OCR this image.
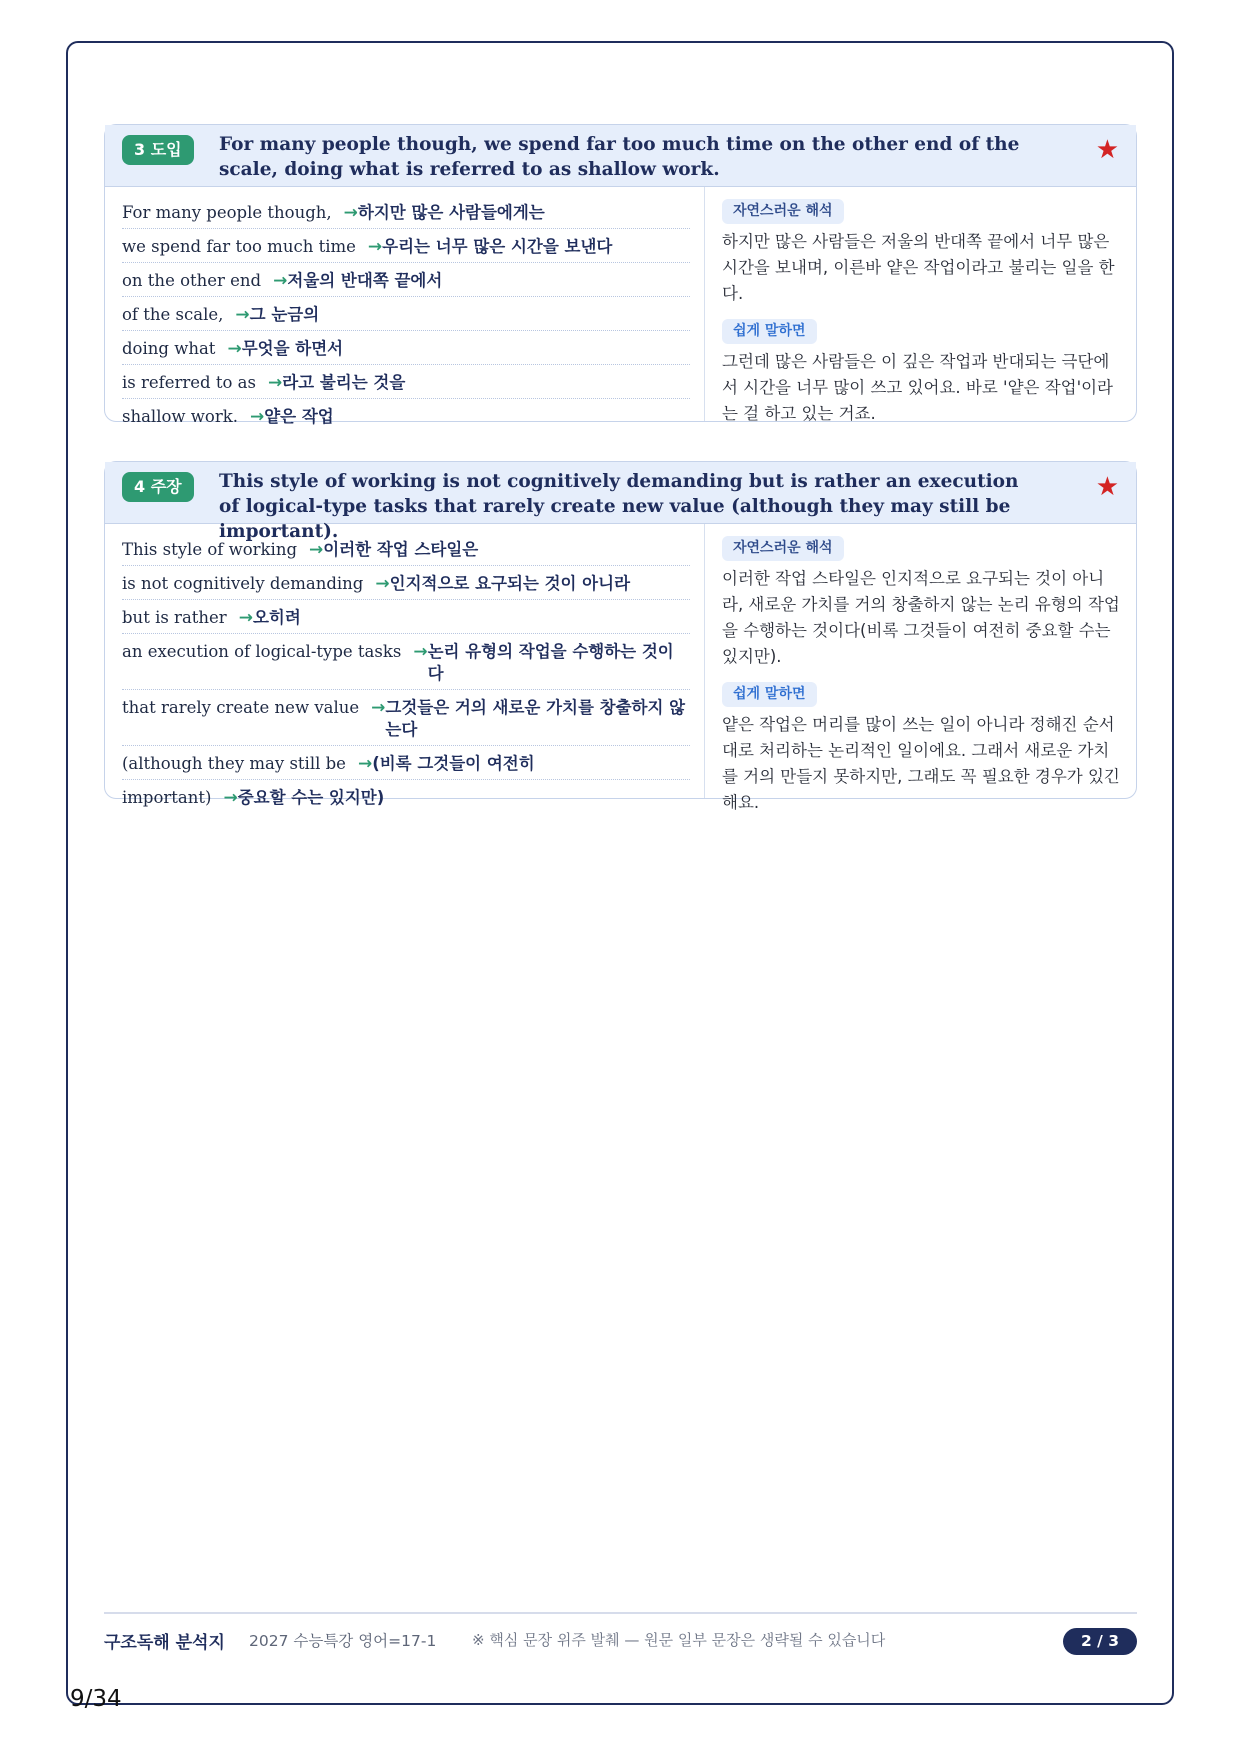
3 도입	For many people though, we spend far too much time on the other end of the scale, doing what is referred to as shallow work.
★
For many people though, → 하지만 많은 사람들에게는
we spend far too much time → 우리는 너무 많은 시간을 보낸다
on the other end → 저울의 반대쪽 끝에서
of the scale, → 그 눈금의
doing what → 무엇을 하면서
is referred to as → 라고 불리는 것을
shallow work. → 얕은 작업
자연스러운 해석
하지만 많은 사람들은 저울의 반대쪽 끝에서 너무 많은 시간을 보내며, 이른바 얕은 작업이라고 불리는 일을 한다.
쉽게 말하면
그런데 많은 사람들은 이 깊은 작업과 반대되는 극단에서 시간을 너무 많이 쓰고 있어요. 바로 '얕은 작업'이라는 걸 하고 있는 거죠.
4 주장	This style of working is not cognitively demanding but is rather an execution of logical-type tasks that rarely create new value (although they may still be important).
★
This style of working → 이러한 작업 스타일은
is not cognitively demanding → 인지적으로 요구되는 것이 아니라
but is rather → 오히려
an execution of logical-type tasks → 논리 유형의 작업을 수행하는 것이다
that rarely create new value → 그것들은 거의 새로운 가치를 창출하지 않는다
(although they may still be → (비록 그것들이 여전히
important) → 중요할 수는 있지만)
자연스러운 해석
이러한 작업 스타일은 인지적으로 요구되는 것이 아니라, 새로운 가치를 거의 창출하지 않는 논리 유형의 작업을 수행하는 것이다(비록 그것들이 여전히 중요할 수는 있지만).
쉽게 말하면
얕은 작업은 머리를 많이 쓰는 일이 아니라 정해진 순서대로 처리하는 논리적인 일이에요. 그래서 새로운 가치를 거의 만들지 못하지만, 그래도 꼭 필요한 경우가 있긴 해요.
구조독해 분석지 2027 수능특강 영어=17-1 ※ 핵심 문장 위주 발췌 — 원문 일부 문장은 생략될 수 있습니다	2 / 3
9/34
